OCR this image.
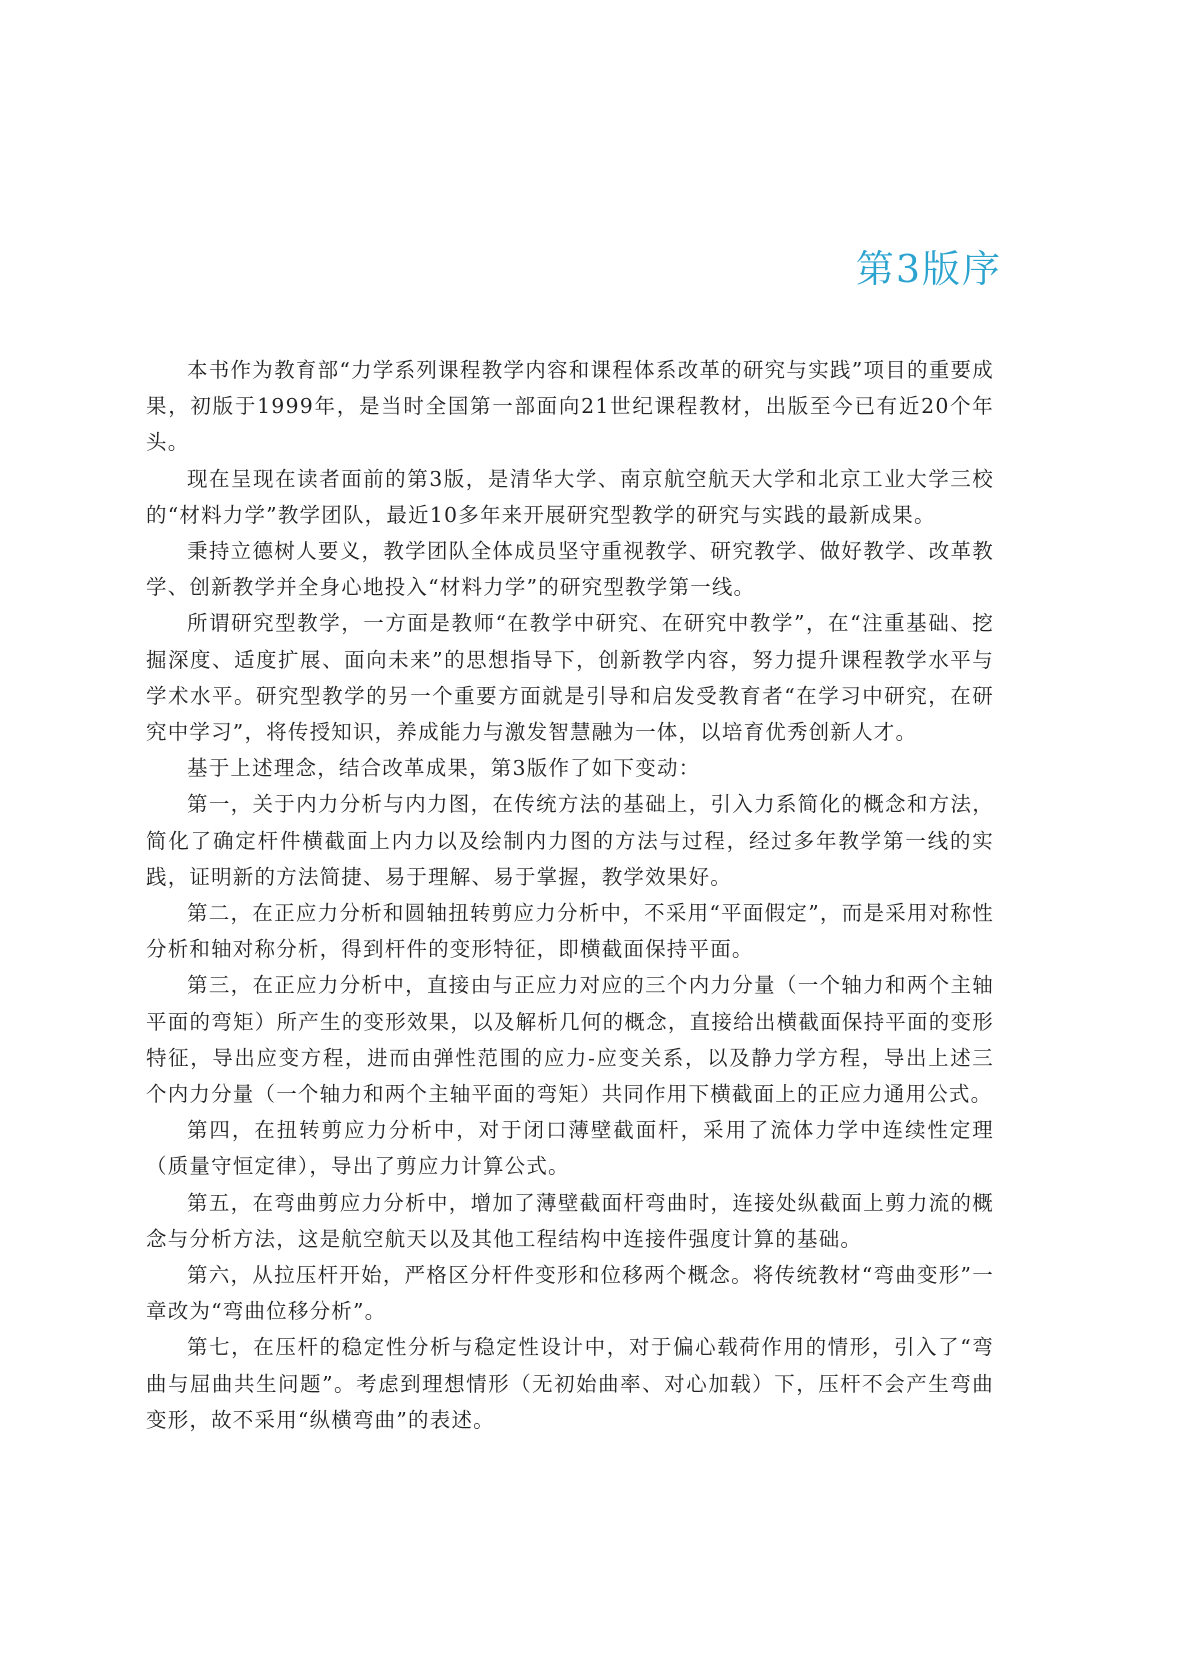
第3版序

本书作为教育部“力学系列课程教学内容和课程体系改革的研究与实践”项目的重要成果，初版于1999年，是当时全国第一部面向21世纪课程教材，出版至今已有近20个年头。

现在呈现在读者面前的第3版，是清华大学、南京航空航天大学和北京工业大学三校的“材料力学”教学团队，最近10多年来开展研究型教学的研究与实践的最新成果。

秉持立德树人要义，教学团队全体成员坚守重视教学、研究教学、做好教学、改革教学、创新教学并全身心地投入“材料力学”的研究型教学第一线。

所谓研究型教学，一方面是教师“在教学中研究、在研究中教学”，在“注重基础、挖掘深度、适度扩展、面向未来”的思想指导下，创新教学内容，努力提升课程教学水平与学术水平。研究型教学的另一个重要方面就是引导和启发受教育者“在学习中研究，在研究中学习”，将传授知识，养成能力与激发智慧融为一体，以培育优秀创新人才。

基于上述理念，结合改革成果，第3版作了如下变动：

第一，关于内力分析与内力图，在传统方法的基础上，引入力系简化的概念和方法，简化了确定杆件横截面上内力以及绘制内力图的方法与过程，经过多年教学第一线的实践，证明新的方法简捷、易于理解、易于掌握，教学效果好。

第二，在正应力分析和圆轴扭转剪应力分析中，不采用“平面假定”，而是采用对称性分析和轴对称分析，得到杆件的变形特征，即横截面保持平面。

第三，在正应力分析中，直接由与正应力对应的三个内力分量（一个轴力和两个主轴平面的弯矩）所产生的变形效果，以及解析几何的概念，直接给出横截面保持平面的变形特征，导出应变方程，进而由弹性范围的应力-应变关系，以及静力学方程，导出上述三个内力分量（一个轴力和两个主轴平面的弯矩）共同作用下横截面上的正应力通用公式。

第四，在扭转剪应力分析中，对于闭口薄壁截面杆，采用了流体力学中连续性定理（质量守恒定律），导出了剪应力计算公式。

第五，在弯曲剪应力分析中，增加了薄壁截面杆弯曲时，连接处纵截面上剪力流的概念与分析方法，这是航空航天以及其他工程结构中连接件强度计算的基础。

第六，从拉压杆开始，严格区分杆件变形和位移两个概念。将传统教材“弯曲变形”一章改为“弯曲位移分析”。

第七，在压杆的稳定性分析与稳定性设计中，对于偏心载荷作用的情形，引入了“弯曲与屈曲共生问题”。考虑到理想情形（无初始曲率、对心加载）下，压杆不会产生弯曲变形，故不采用“纵横弯曲”的表述。
